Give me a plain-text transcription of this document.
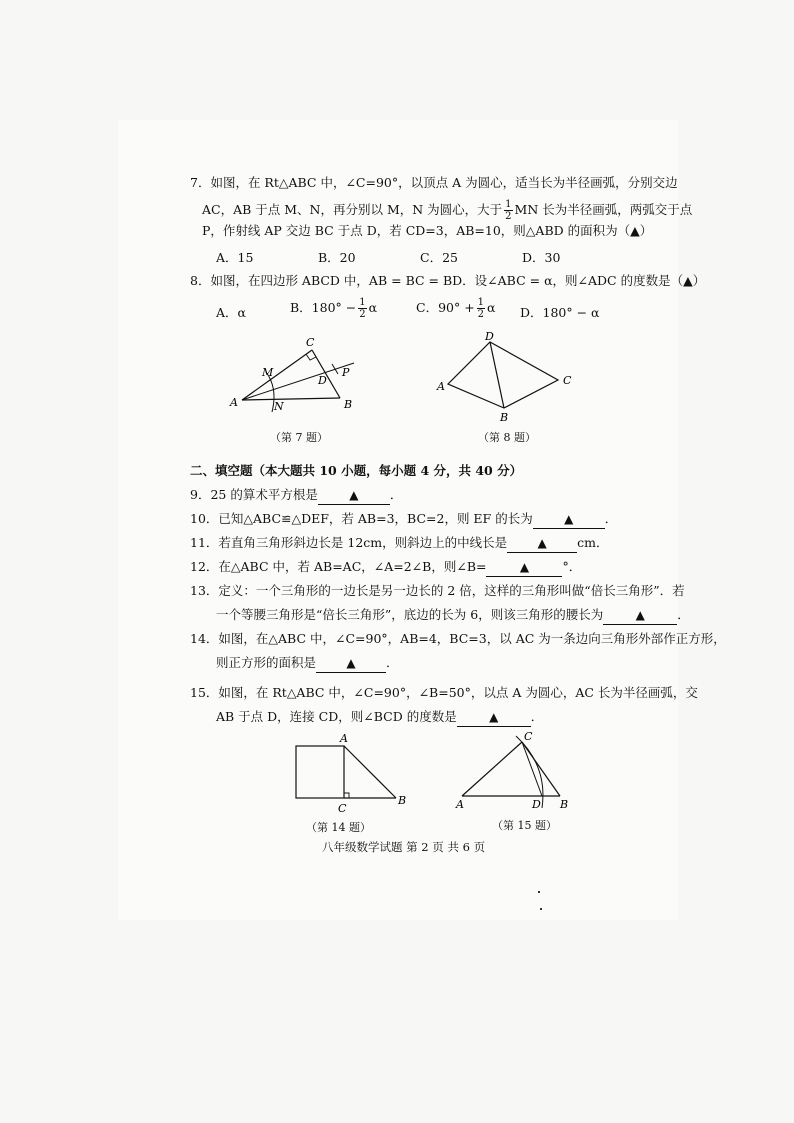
7．如图，在 Rt△ABC 中，∠C=90°，以顶点 A 为圆心，适当长为半径画弧，分别交边
AC，AB 于点 M、N，再分别以 M，N 为圆心，大于 $\frac{1}{2}$ MN 长为半径画弧，两弧交于点
P，作射线 AP 交边 BC 于点 D，若 CD=3，AB=10，则△ABD 的面积为（▲）
A．15	B．20	C．25	D．30
8．如图，在四边形 ABCD 中，AB = BC = BD．设∠ABC = α，则∠ADC 的度数是（▲）
A．α	B．$180^\circ - \frac{1}{2}$ α	C．$90^\circ + \frac{1}{2}$ α D．180° − α
A	B
C
D
M
N
P
（第 7 题）
A
B
C
D
（第 8 题）
二、填空题（本大题共 10 小题，每小题 4 分，共 40 分）
9．25 的算术平方根是	▲	．
10．已知△ABC≌△DEF，若 AB=3，BC=2，则 EF 的长为	▲	．
11．若直角三角形斜边长是 12cm，则斜边上的中线长是	▲ cm．
12．在△ABC 中，若 AB=AC，∠A=2∠B，则∠B=	▲	°．
13．定义：一个三角形的一边长是另一边长的 2 倍，这样的三角形叫做“倍长三角形”．若
一个等腰三角形是“倍长三角形”，底边的长为 6，则该三角形的腰长为	▲	．
14．如图，在△ABC 中，∠C=90°，AB=4，BC=3，以 AC 为一条边向三角形外部作正方形，
则正方形的面积是	▲ ．
15．如图，在 Rt△ABC 中，∠C=90°，∠B=50°，以点 A 为圆心，AC 长为半径画弧，交
AB 于点 D，连接 CD，则∠BCD 的度数是	▲	．
A
B
C
（第 14 题）
A	B
C
D
（第 15 题）
八年级数学试题 第 2 页 共 6 页
